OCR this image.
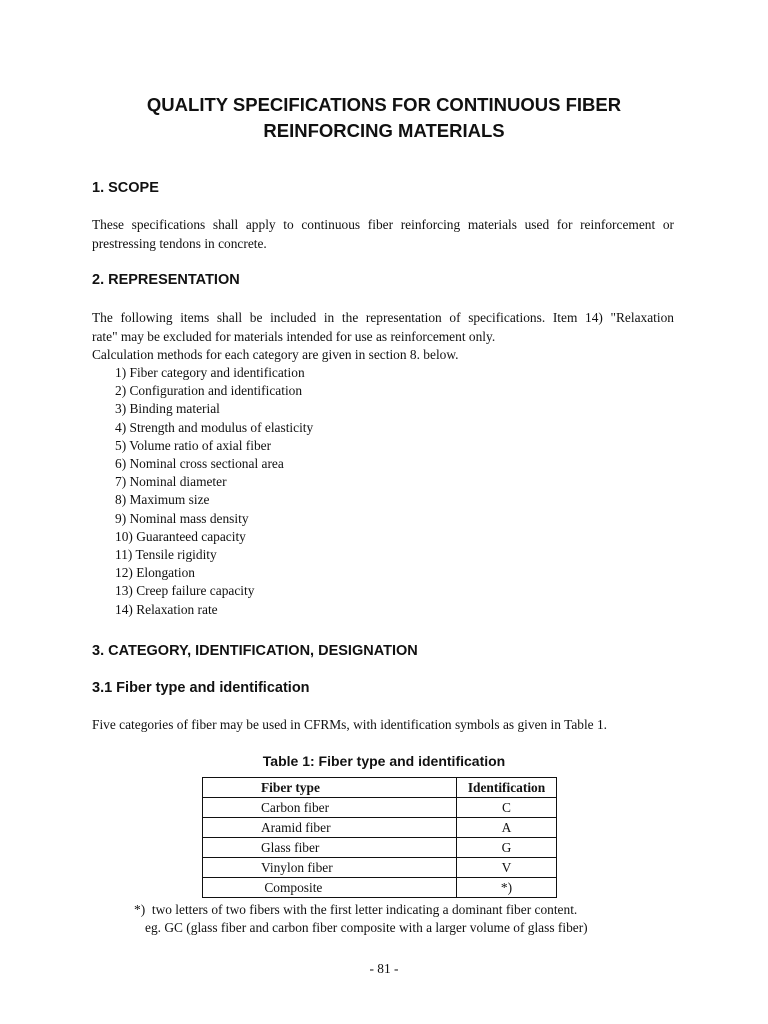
QUALITY SPECIFICATIONS FOR CONTINUOUS FIBER
REINFORCING MATERIALS
1. SCOPE
These specifications shall apply to continuous fiber reinforcing materials used for reinforcement or
prestressing tendons in concrete.
2. REPRESENTATION
The following items shall be included in the representation of specifications. Item 14) "Relaxation
rate" may be excluded for materials intended for use as reinforcement only.
Calculation methods for each category are given in section 8. below.
1) Fiber category and identification
2) Configuration and identification
3) Binding material
4) Strength and modulus of elasticity
5) Volume ratio of axial fiber
6) Nominal cross sectional area
7) Nominal diameter
8) Maximum size
9) Nominal mass density
10) Guaranteed capacity
11) Tensile rigidity
12) Elongation
13) Creep failure capacity
14) Relaxation rate
3. CATEGORY, IDENTIFICATION, DESIGNATION
3.1 Fiber type and identification
Five categories of fiber may be used in CFRMs, with identification symbols as given in Table 1.
Table 1: Fiber type and identification
Fiber type	Identification
Carbon fiber	C
Aramid fiber	A
Glass fiber	G
Vinylon fiber	V
Composite	*)
*)  two letters of two fibers with the first letter indicating a dominant fiber content.
eg. GC (glass fiber and carbon fiber composite with a larger volume of glass fiber)
- 81 -
